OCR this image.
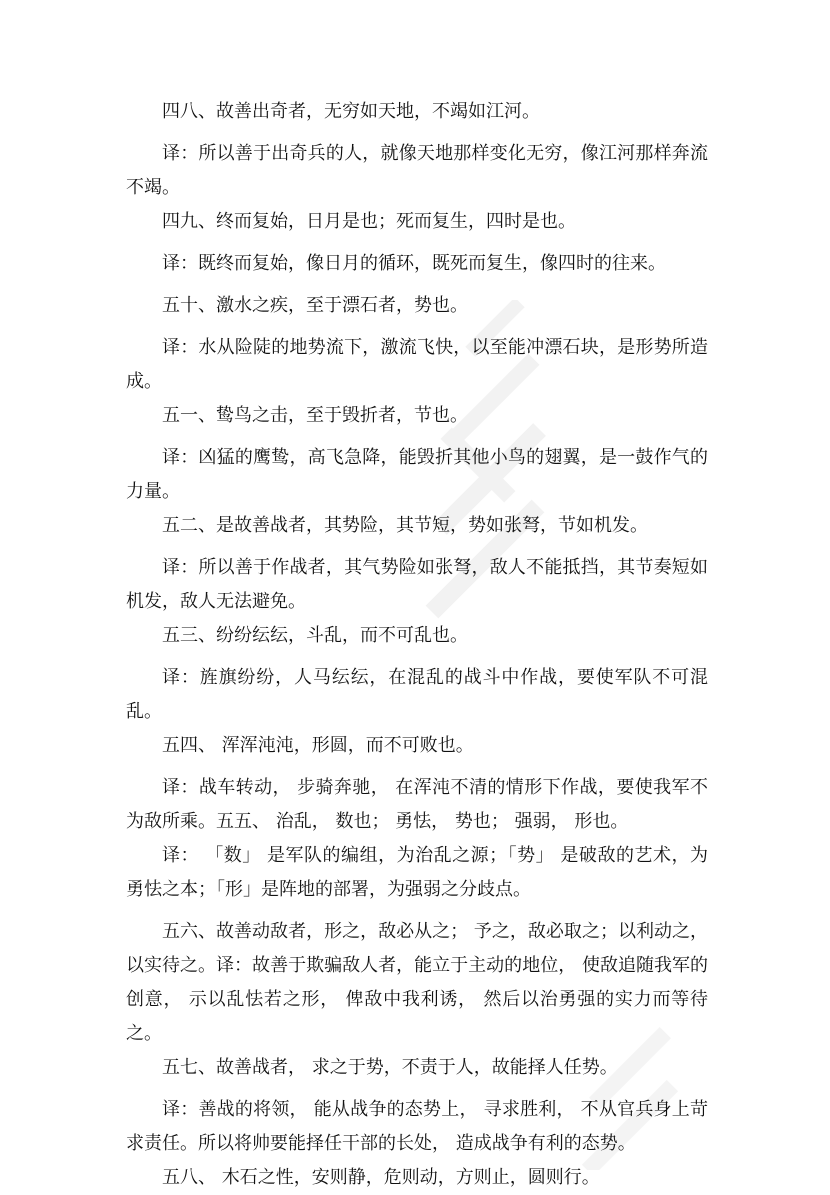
四八、故善出奇者，无穷如天地，不竭如江河。

译：所以善于出奇兵的人，就像天地那样变化无穷，像江河那样奔流不竭。

四九、终而复始，日月是也；死而复生，四时是也。

译：既终而复始，像日月的循环，既死而复生，像四时的往来。

五十、激水之疾，至于漂石者，势也。

译：水从险陡的地势流下，激流飞快，以至能冲漂石块，是形势所造成。

五一、鸷鸟之击，至于毁折者，节也。

译：凶猛的鹰鸷，高飞急降，能毁折其他小鸟的翅翼，是一鼓作气的力量。

五二、是故善战者，其势险，其节短，势如张弩，节如机发。

译：所以善于作战者，其气势险如张弩，敌人不能抵挡，其节奏短如机发，敌人无法避免。

五三、纷纷纭纭，斗乱，而不可乱也。

译：旌旗纷纷，人马纭纭，在混乱的战斗中作战，要使军队不可混乱。

五四、 浑浑沌沌，形圆，而不可败也。

译：战车转动， 步骑奔驰， 在浑沌不清的情形下作战，要使我军不为敌所乘。五五、 治乱， 数也； 勇怯， 势也； 强弱， 形也。

译： 「数」 是军队的编组，为治乱之源；「势」 是破敌的艺术，为勇怯之本；「形」是阵地的部署，为强弱之分歧点。

五六、故善动敌者，形之，敌必从之； 予之，敌必取之；以利动之，以实待之。译：故善于欺骗敌人者，能立于主动的地位， 使敌追随我军的创意， 示以乱怯若之形， 俾敌中我利诱， 然后以治勇强的实力而等待之。

五七、故善战者， 求之于势，不责于人，故能择人任势。

译：善战的将领， 能从战争的态势上， 寻求胜利， 不从官兵身上苛求责任。所以将帅要能择任干部的长处， 造成战争有利的态势。

五八、 木石之性，安则静，危则动，方则止，圆则行。
